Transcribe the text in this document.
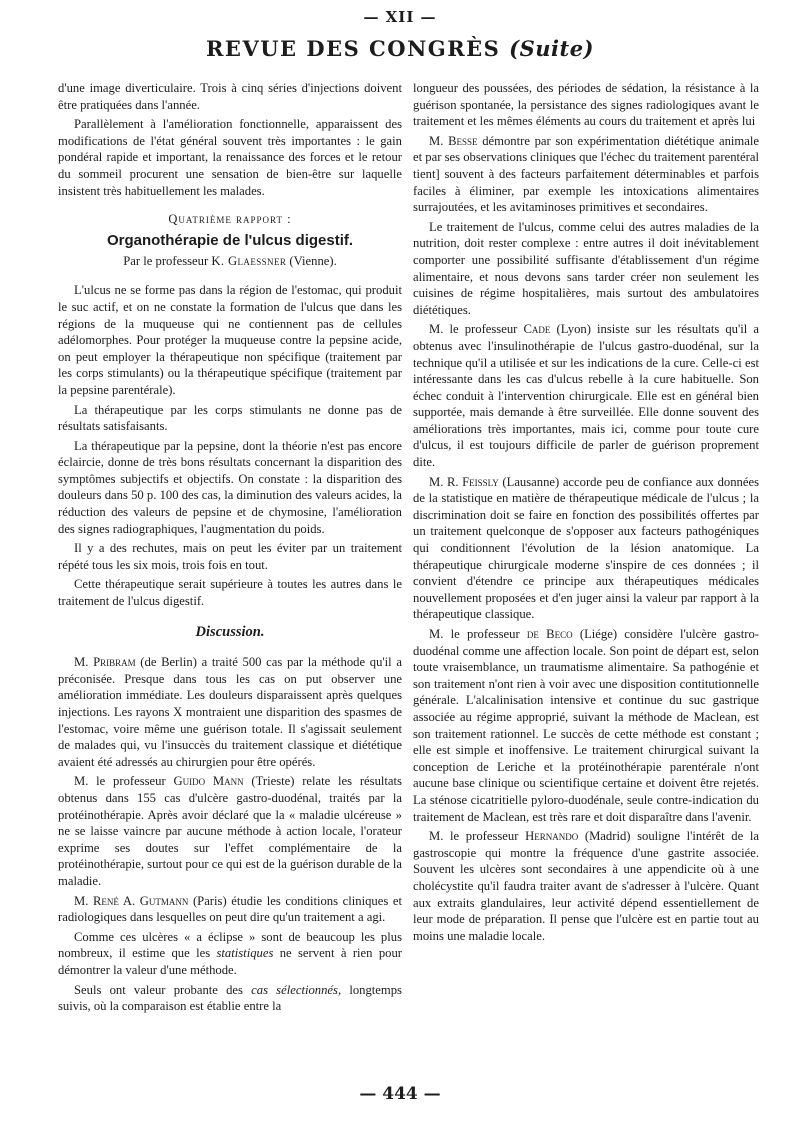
— XII —
REVUE DES CONGRÈS (Suite)

d'une image diverticulaire. Trois à cinq séries d'injections doivent être pratiquées dans l'année.

Parallèlement à l'amélioration fonctionnelle, apparaissent des modifications de l'état général souvent très importantes : le gain pondéral rapide et important, la renaissance des forces et le retour du sommeil procurent une sensation de bien-être sur laquelle insistent très habituellement les malades.

Quatrième rapport :
Organothérapie de l'ulcus digestif.
Par le professeur K. Glaessner (Vienne).

L'ulcus ne se forme pas dans la région de l'estomac, qui produit le suc actif, et on ne constate la formation de l'ulcus que dans les régions de la muqueuse qui ne contiennent pas de cellules adélomorphes. Pour protéger la muqueuse contre la pepsine acide, on peut employer la thérapeutique non spécifique (traitement par les corps stimulants) ou la thérapeutique spécifique (traitement par la pepsine parentérale).

La thérapeutique par les corps stimulants ne donne pas de résultats satisfaisants.

La thérapeutique par la pepsine, dont la théorie n'est pas encore éclaircie, donne de très bons résultats concernant la disparition des symptômes subjectifs et objectifs. On constate : la disparition des douleurs dans 50 p. 100 des cas, la diminution des valeurs acides, la réduction des valeurs de pepsine et de chymosine, l'amélioration des signes radiographiques, l'augmentation du poids.

Il y a des rechutes, mais on peut les éviter par un traitement répété tous les six mois, trois fois en tout.

Cette thérapeutique serait supérieure à toutes les autres dans le traitement de l'ulcus digestif.

Discussion.

M. Pribram (de Berlin) a traité 500 cas par la méthode qu'il a préconisée. Presque dans tous les cas on put observer une amélioration immédiate. Les douleurs disparaissent après quelques injections. Les rayons X montraient une disparition des spasmes de l'estomac, voire même une guérison totale. Il s'agissait seulement de malades qui, vu l'insuccès du traitement classique et diététique avaient été adressés au chirurgien pour être opérés.

M. le professeur Guido Mann (Trieste) relate les résultats obtenus dans 155 cas d'ulcère gastro-duodénal, traités par la protéinothérapie. Après avoir déclaré que la « maladie ulcéreuse » ne se laisse vaincre par aucune méthode à action locale, l'orateur exprime ses doutes sur l'effet complémentaire de la protéinothérapie, surtout pour ce qui est de la guérison durable de la maladie.

M. René A. Gutmann (Paris) étudie les conditions cliniques et radiologiques dans lesquelles on peut dire qu'un traitement a agi.

Comme ces ulcères « a éclipse » sont de beaucoup les plus nombreux, il estime que les statistiques ne servent à rien pour démontrer la valeur d'une méthode.

Seuls ont valeur probante des cas sélectionnés, longtemps suivis, où la comparaison est établie entre la

longueur des poussées, des périodes de sédation, la résistance à la guérison spontanée, la persistance des signes radiologiques avant le traitement et les mêmes éléments au cours du traitement et après lui

M. Besse démontre par son expérimentation diététique animale et par ses observations cliniques que l'échec du traitement parentéral tient] souvent à des facteurs parfaitement déterminables et parfois faciles à éliminer, par exemple les intoxications alimentaires surrajoutées, et les avitaminoses primitives et secondaires.

Le traitement de l'ulcus, comme celui des autres maladies de la nutrition, doit rester complexe : entre autres il doit inévitablement comporter une possibilité suffisante d'établissement d'un régime alimentaire, et nous devons sans tarder créer non seulement les cuisines de régime hospitalières, mais surtout des ambulatoires diététiques.

M. le professeur Cade (Lyon) insiste sur les résultats qu'il a obtenus avec l'insulinothérapie de l'ulcus gastro-duodénal, sur la technique qu'il a utilisée et sur les indications de la cure. Celle-ci est intéressante dans les cas d'ulcus rebelle à la cure habituelle. Son échec conduit à l'intervention chirurgicale. Elle est en général bien supportée, mais demande à être surveillée. Elle donne souvent des améliorations très importantes, mais ici, comme pour toute cure d'ulcus, il est toujours difficile de parler de guérison proprement dite.

M. R. Feissly (Lausanne) accorde peu de confiance aux données de la statistique en matière de thérapeutique médicale de l'ulcus ; la discrimination doit se faire en fonction des possibilités offertes par un traitement quelconque de s'opposer aux facteurs pathogéniques qui conditionnent l'évolution de la lésion anatomique. La thérapeutique chirurgicale moderne s'inspire de ces données ; il convient d'étendre ce principe aux thérapeutiques médicales nouvellement proposées et d'en juger ainsi la valeur par rapport à la thérapeutique classique.

M. le professeur de Beco (Liége) considère l'ulcère gastro-duodénal comme une affection locale. Son point de départ est, selon toute vraisemblance, un traumatisme alimentaire. Sa pathogénie et son traitement n'ont rien à voir avec une disposition contitutionnelle générale. L'alcalinisation intensive et continue du suc gastrique associée au régime approprié, suivant la méthode de Maclean, est son traitement rationnel. Le succès de cette méthode est constant ; elle est simple et inoffensive. Le traitement chirurgical suivant la conception de Leriche et la protéinothérapie parentérale n'ont aucune base clinique ou scientifique certaine et doivent être rejetés. La sténose cicatritielle pyloro-duodénale, seule contre-indication du traitement de Maclean, est très rare et doit disparaître dans l'avenir.

M. le professeur Hernando (Madrid) souligne l'intérêt de la gastroscopie qui montre la fréquence d'une gastrite associée. Souvent les ulcères sont secondaires à une appendicite où à une cholécystite qu'il faudra traiter avant de s'adresser à l'ulcère. Quant aux extraits glandulaires, leur activité dépend essentiellement de leur mode de préparation. Il pense que l'ulcère est en partie tout au moins une maladie locale.

— 444 —
